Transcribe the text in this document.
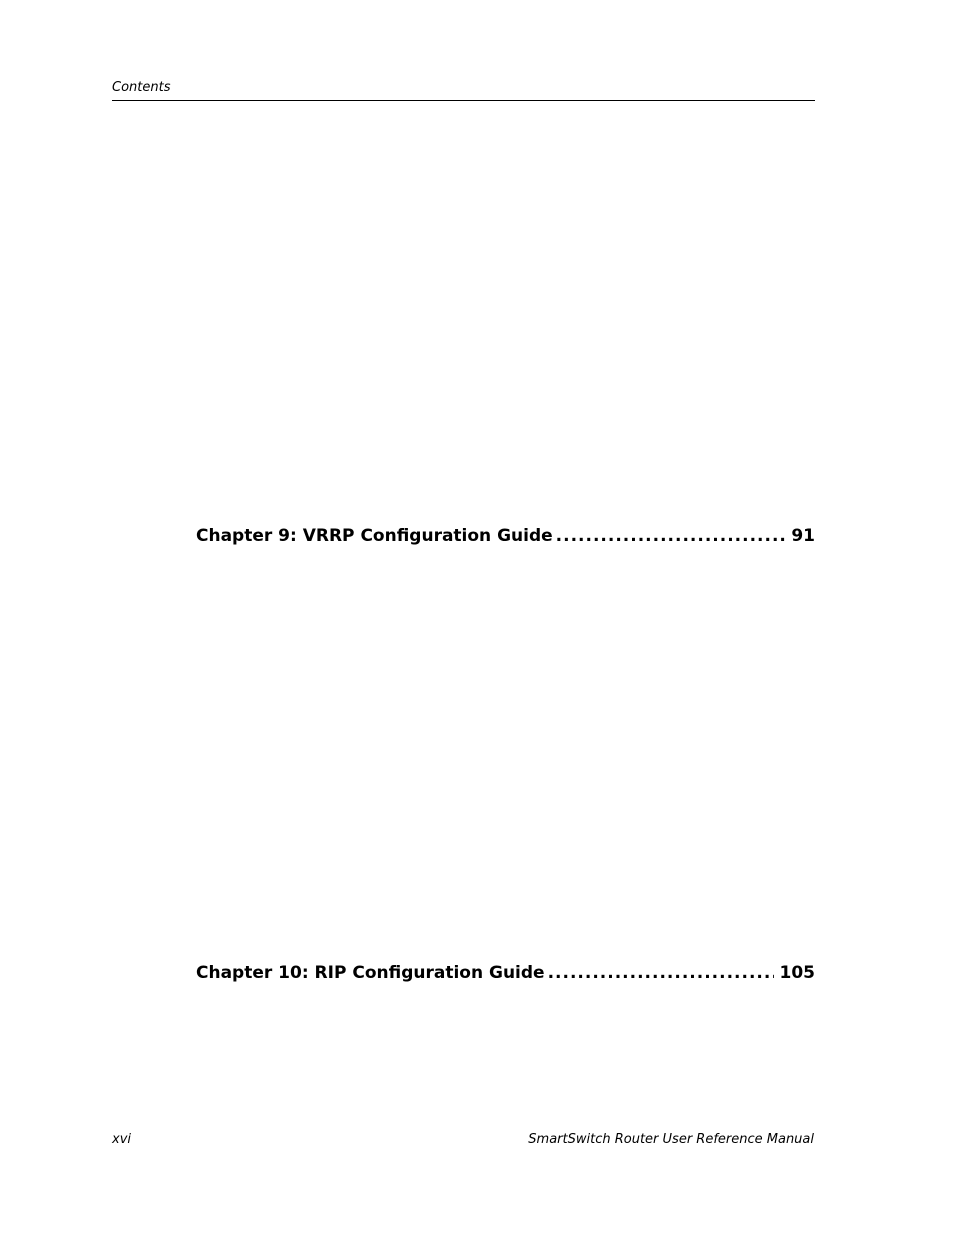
Contents
Chapter 9: VRRP Configuration Guide .....	91
Chapter 10: RIP Configuration Guide .....	105
xvi	SmartSwitch Router User Reference Manual
